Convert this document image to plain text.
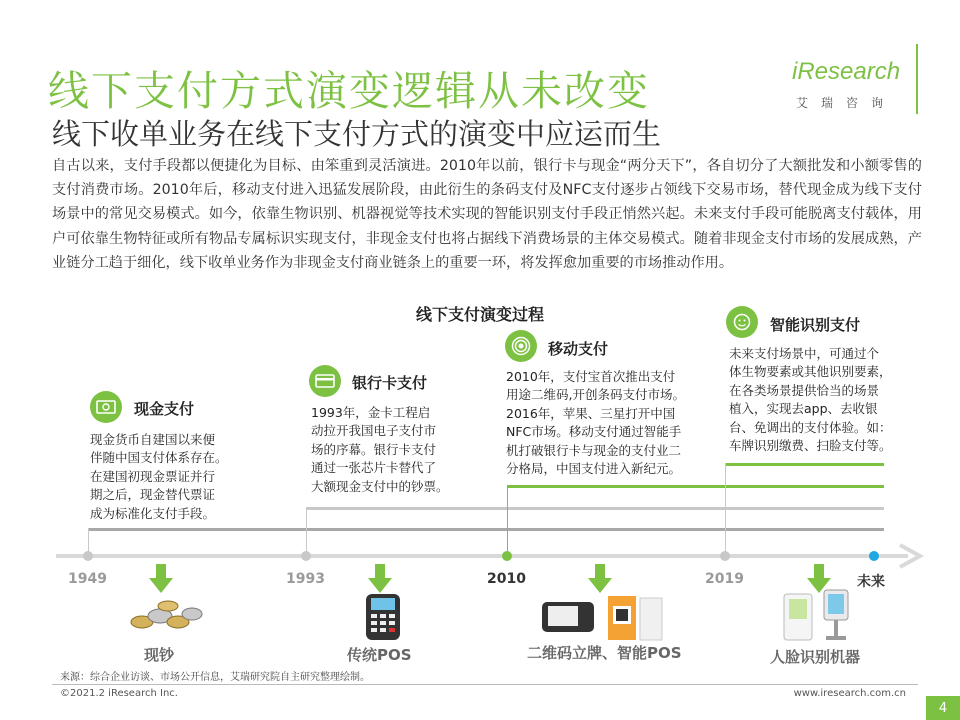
线下支付方式演变逻辑从未改变
线下收单业务在线下支付方式的演变中应运而生
iResearch
艾瑞咨询
自古以来，支付手段都以便捷化为目标、由笨重到灵活演进。2010年以前，银行卡与现金“两分天下”，各自切分了大额批发和小额零售的支付消费市场。2010年后，移动支付进入迅猛发展阶段，由此衍生的条码支付及NFC支付逐步占领线下交易市场，替代现金成为线下支付场景中的常见交易模式。如今，依靠生物识别、机器视觉等技术实现的智能识别支付手段正悄然兴起。未来支付手段可能脱离支付载体，用户可依靠生物特征或所有物品专属标识实现支付，非现金支付也将占据线下消费场景的主体交易模式。随着非现金支付市场的发展成熟，产业链分工趋于细化，线下收单业务作为非现金支付商业链条上的重要一环，将发挥愈加重要的市场推动作用。
线下支付演变过程
现金支付
现金货币自建国以来便
伴随中国支付体系存在。
在建国初现金票证并行
期之后，现金替代票证
成为标准化支付手段。
银行卡支付
1993年，金卡工程启
动拉开我国电子支付市
场的序幕。银行卡支付
通过一张芯片卡替代了
大额现金支付中的钞票。
移动支付
2010年，支付宝首次推出支付
用途二维码,开创条码支付市场。
2016年，苹果、三星打开中国
NFC市场。移动支付通过智能手
机打破银行卡与现金的支付业二
分格局，中国支付进入新纪元。
智能识别支付
未来支付场景中，可通过个
体生物要素或其他识别要素，
在各类场景提供恰当的场景
植入，实现去app、去收银
台、免调出的支付体验。如：
车牌识别缴费、扫脸支付等。
1949	1993	2010	2019	未来
现钞	传统POS	二维码立牌、智能POS	人脸识别机器
来源：综合企业访谈、市场公开信息，艾瑞研究院自主研究整理绘制。
©2021.2 iResearch Inc.	www.iresearch.com.cn
4
